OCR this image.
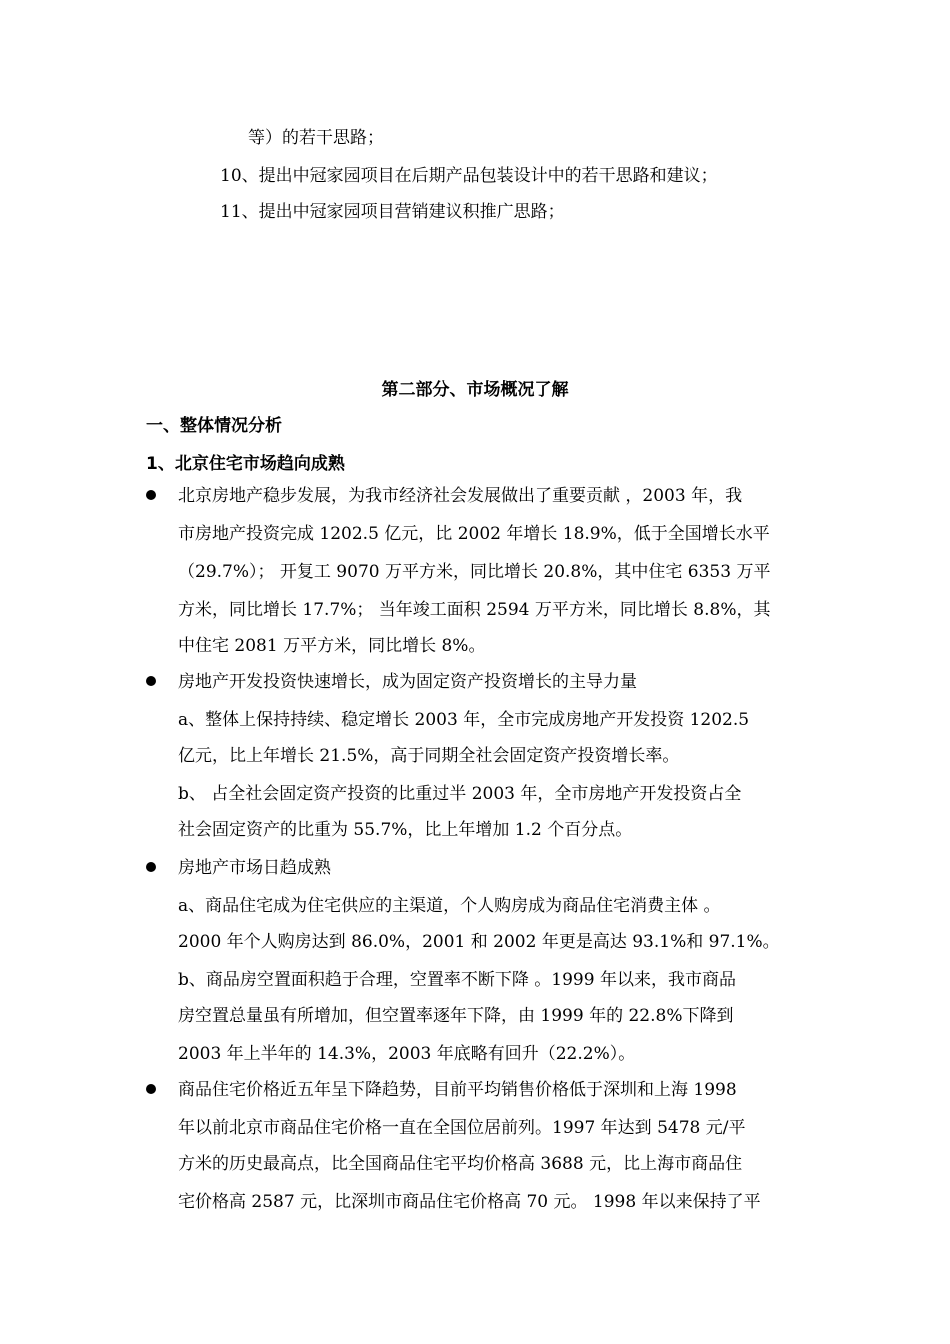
等）的若干思路；
10、提出中冠家园项目在后期产品包装设计中的若干思路和建议；
11、提出中冠家园项目营销建议积推广思路；
第二部分、市场概况了解
一、整体情况分析
1、北京住宅市场趋向成熟
北京房地产稳步发展，为我市经济社会发展做出了重要贡献 ，2003 年，我
市房地产投资完成 1202.5 亿元，比 2002 年增长 18.9%，低于全国增长水平
（29.7%）； 开复工 9070 万平方米，同比增长 20.8%，其中住宅 6353 万平
方米，同比增长 17.7%； 当年竣工面积 2594 万平方米，同比增长 8.8%，其
中住宅 2081 万平方米，同比增长 8%。
房地产开发投资快速增长，成为固定资产投资增长的主导力量
a、整体上保持持续、稳定增长 2003 年，全市完成房地产开发投资 1202.5
亿元，比上年增长 21.5%，高于同期全社会固定资产投资增长率。
b、 占全社会固定资产投资的比重过半 2003 年，全市房地产开发投资占全
社会固定资产的比重为 55.7%，比上年增加 1.2 个百分点。
房地产市场日趋成熟
a、商品住宅成为住宅供应的主渠道，个人购房成为商品住宅消费主体 。
2000 年个人购房达到 86.0%，2001 和 2002 年更是高达 93.1%和 97.1%。
b、商品房空置面积趋于合理，空置率不断下降 。1999 年以来，我市商品
房空置总量虽有所增加，但空置率逐年下降，由 1999 年的 22.8%下降到
2003 年上半年的 14.3%，2003 年底略有回升（22.2%）。
商品住宅价格近五年呈下降趋势，目前平均销售价格低于深圳和上海 1998
年以前北京市商品住宅价格一直在全国位居前列。1997 年达到 5478 元/平
方米的历史最高点，比全国商品住宅平均价格高 3688 元，比上海市商品住
宅价格高 2587 元，比深圳市商品住宅价格高 70 元。 1998 年以来保持了平
